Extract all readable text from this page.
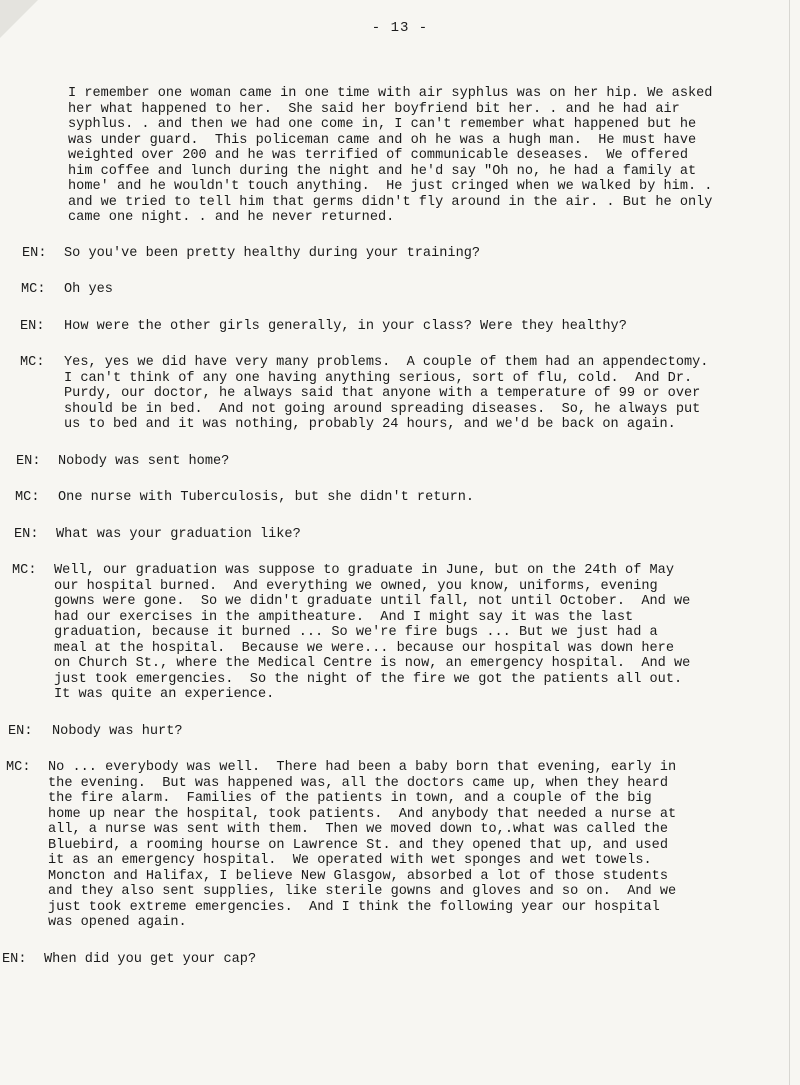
- 13 -
I remember one woman came in one time with air syphlus was on her hip. We asked her what happened to her.  She said her boyfriend bit her. . and he had air syphlus. . and then we had one come in, I can't remember what happened but he was under guard.  This policeman came and oh he was a hugh man.  He must have weighted over 200 and he was terrified of communicable deseases.  We offered him coffee and lunch during the night and he'd say "Oh no, he had a family at home' and he wouldn't touch anything.  He just cringed when we walked by him. . and we tried to tell him that germs didn't fly around in the air. . But he only came one night. . and he never returned.
EN:	So you've been pretty healthy during your training?
MC:	Oh yes
EN:	How were the other girls generally, in your class? Were they healthy?
MC:	Yes, yes we did have very many problems.  A couple of them had an appendectomy.  I can't think of any one having anything serious, sort of flu, cold.  And Dr. Purdy, our doctor, he always said that anyone with a temperature of 99 or over should be in bed.  And not going around spreading diseases.  So, he always put us to bed and it was nothing, probably 24 hours, and we'd be back on again.
EN:	Nobody was sent home?
MC:	One nurse with Tuberculosis, but she didn't return.
EN:	What was your graduation like?
MC:	Well, our graduation was suppose to graduate in June, but on the 24th of May our hospital burned.  And everything we owned, you know, uniforms, evening gowns were gone.  So we didn't graduate until fall, not until October.  And we had our exercises in the ampitheature.  And I might say it was the last graduation, because it burned ... So we're fire bugs ... But we just had a meal at the hospital.  Because we were... because our hospital was down here on Church St., where the Medical Centre is now, an emergency hospital.  And we just took emergencies.  So the night of the fire we got the patients all out.  It was quite an experience.
EN:	Nobody was hurt?
MC:	No ... everybody was well.  There had been a baby born that evening, early in the evening.  But was happened was, all the doctors came up, when they heard the fire alarm.  Families of the patients in town, and a couple of the big home up near the hospital, took patients.  And anybody that needed a nurse at all, a nurse was sent with them.  Then we moved down to,.what was called the Bluebird, a rooming hourse on Lawrence St. and they opened that up, and used it as an emergency hospital.  We operated with wet sponges and wet towels.  Moncton and Halifax, I believe New Glasgow, absorbed a lot of those students and they also sent supplies, like sterile gowns and gloves and so on.  And we just took extreme emergencies.  And I think the following year our hospital was opened again.
EN:	When did you get your cap?
